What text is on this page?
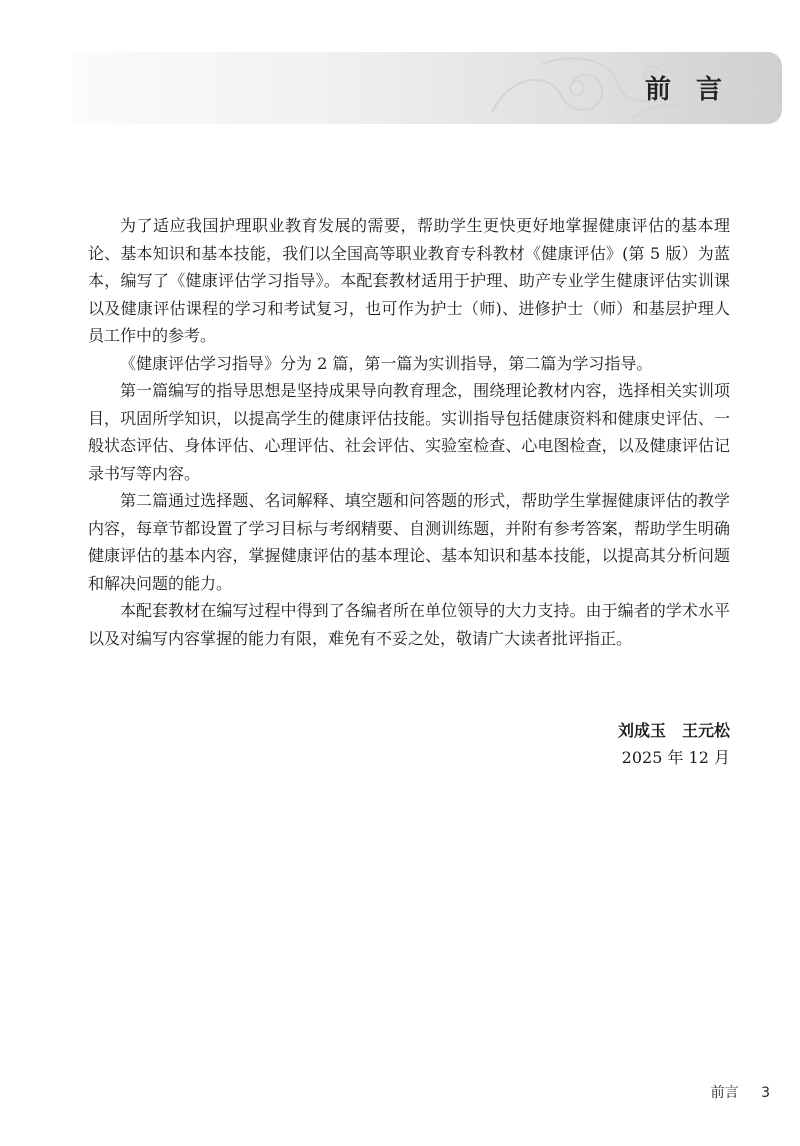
前 言

为了适应我国护理职业教育发展的需要，帮助学生更快更好地掌握健康评估的基本理论、基本知识和基本技能，我们以全国高等职业教育专科教材《健康评估》(第 5 版）为蓝本，编写了《健康评估学习指导》。本配套教材适用于护理、助产专业学生健康评估实训课以及健康评估课程的学习和考试复习，也可作为护士（师)、进修护士（师）和基层护理人员工作中的参考。

《健康评估学习指导》分为 2 篇，第一篇为实训指导，第二篇为学习指导。

第一篇编写的指导思想是坚持成果导向教育理念，围绕理论教材内容，选择相关实训项目，巩固所学知识，以提高学生的健康评估技能。实训指导包括健康资料和健康史评估、一般状态评估、身体评估、心理评估、社会评估、实验室检查、心电图检查，以及健康评估记录书写等内容。

第二篇通过选择题、名词解释、填空题和问答题的形式，帮助学生掌握健康评估的教学内容，每章节都设置了学习目标与考纲精要、自测训练题，并附有参考答案，帮助学生明确健康评估的基本内容，掌握健康评估的基本理论、基本知识和基本技能，以提高其分析问题和解决问题的能力。

本配套教材在编写过程中得到了各编者所在单位领导的大力支持。由于编者的学术水平以及对编写内容掌握的能力有限，难免有不妥之处，敬请广大读者批评指正。

刘成玉　王元松
2025 年 12 月
前言 3
